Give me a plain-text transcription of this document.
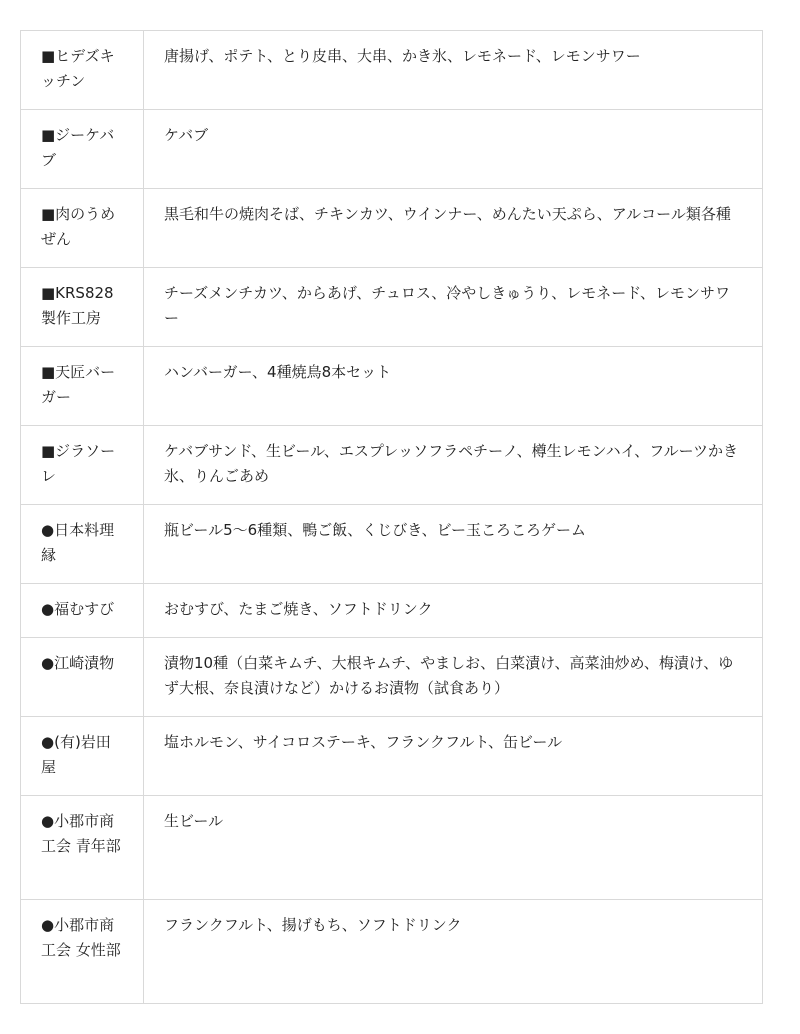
■ヒデズキッチン	唐揚げ、ポテト、とり皮串、大串、かき氷、レモネード、レモンサワー
■ジーケバブ	ケバブ
■肉のうめぜん	黒毛和牛の焼肉そば、チキンカツ、ウインナー、めんたい天ぷら、アルコール類各種
■KRS828製作工房	チーズメンチカツ、からあげ、チュロス、冷やしきゅうり、レモネード、レモンサワー
■天匠バーガー	ハンバーガー、4種焼鳥8本セット
■ジラソーレ	ケバブサンド、生ビール、エスプレッソフラペチーノ、樽生レモンハイ、フルーツかき氷、りんごあめ
●日本料理縁	瓶ビール5～6種類、鴨ご飯、くじびき、ビー玉ころころゲーム
●福むすび	おむすび、たまご焼き、ソフトドリンク
●江崎漬物	漬物10種（白菜キムチ、大根キムチ、やましお、白菜漬け、高菜油炒め、梅漬け、ゆず大根、奈良漬けなど）かけるお漬物（試食あり）
●(有)岩田屋	塩ホルモン、サイコロステーキ、フランクフルト、缶ビール
●小郡市商工会 青年部	生ビール
●小郡市商工会 女性部	フランクフルト、揚げもち、ソフトドリンク
